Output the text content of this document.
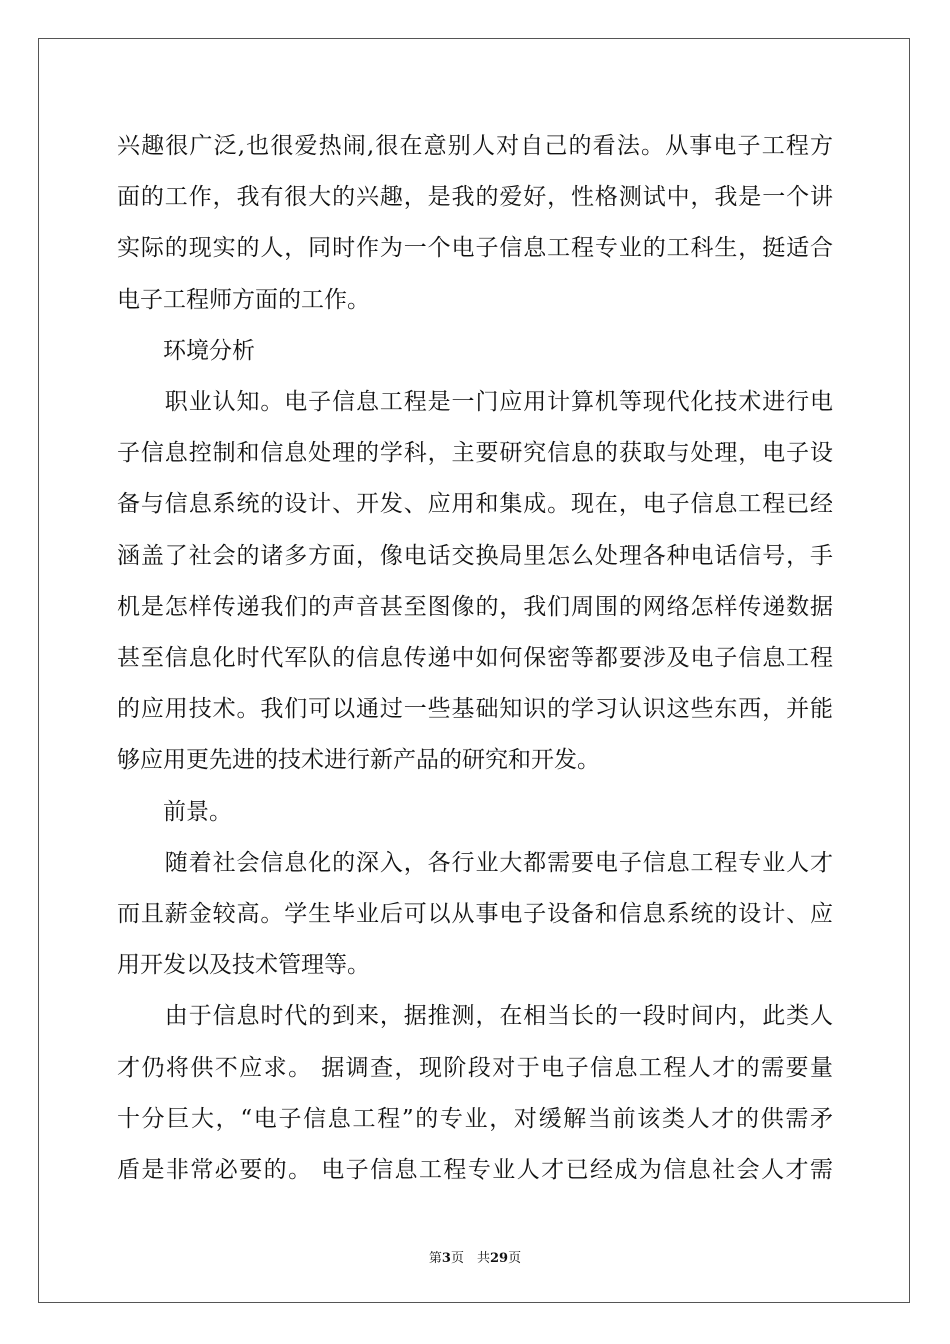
兴趣很广泛,也很爱热闹,很在意别人对自己的看法。从事电子工程方

面的工作，我有很大的兴趣，是我的爱好，性格测试中，我是一个讲

实际的现实的人，同时作为一个电子信息工程专业的工科生，挺适合

电子工程师方面的工作。

　　环境分析

　　职业认知。电子信息工程是一门应用计算机等现代化技术进行电

子信息控制和信息处理的学科，主要研究信息的获取与处理，电子设

备与信息系统的设计、开发、应用和集成。现在，电子信息工程已经

涵盖了社会的诸多方面，像电话交换局里怎么处理各种电话信号，手

机是怎样传递我们的声音甚至图像的，我们周围的网络怎样传递数据

甚至信息化时代军队的信息传递中如何保密等都要涉及电子信息工程

的应用技术。我们可以通过一些基础知识的学习认识这些东西，并能

够应用更先进的技术进行新产品的研究和开发。

　　前景。

　　随着社会信息化的深入，各行业大都需要电子信息工程专业人才

而且薪金较高。学生毕业后可以从事电子设备和信息系统的设计、应

用开发以及技术管理等。

　　由于信息时代的到来，据推测，在相当长的一段时间内，此类人

才仍将供不应求。 据调查，现阶段对于电子信息工程人才的需要量

十分巨大，“电子信息工程”的专业，对缓解当前该类人才的供需矛

盾是非常必要的。 电子信息工程专业人才已经成为信息社会人才需

第3页　共29页
